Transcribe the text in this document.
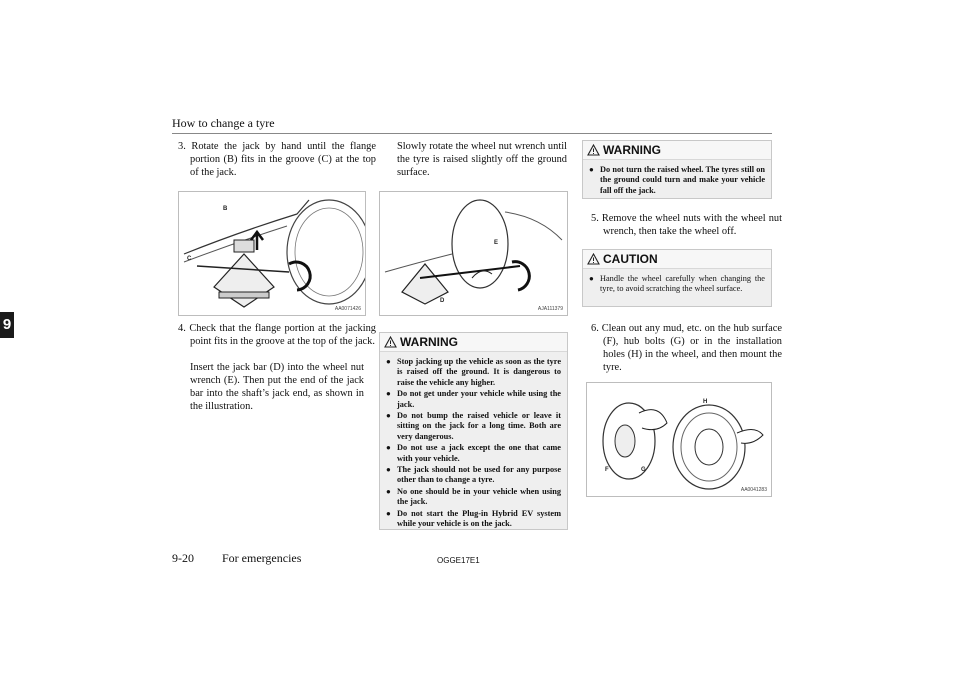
How to change a tyre
9
3. Rotate the jack by hand until the flange portion (B) fits in the groove (C) at the top of the jack.
B
C
AA0071426
4. Check that the flange portion at the jacking point fits in the groove at the top of the jack.
Insert the jack bar (D) into the wheel nut wrench (E). Then put the end of the jack bar into the shaft’s jack end, as shown in the illustration.
Slowly rotate the wheel nut wrench until the tyre is raised slightly off the ground surface.
E
D
AJA111379
WARNING
● Stop jacking up the vehicle as soon as the tyre is raised off the ground. It is dangerous to raise the vehicle any higher.
● Do not get under your vehicle while using the jack.
● Do not bump the raised vehicle or leave it sitting on the jack for a long time. Both are very dangerous.
● Do not use a jack except the one that came with your vehicle.
● The jack should not be used for any purpose other than to change a tyre.
● No one should be in your vehicle when using the jack.
● Do not start the Plug-in Hybrid EV system while your vehicle is on the jack.
WARNING
● Do not turn the raised wheel. The tyres still on the ground could turn and make your vehicle fall off the jack.
5. Remove the wheel nuts with the wheel nut wrench, then take the wheel off.
CAUTION
● Handle the wheel carefully when changing the tyre, to avoid scratching the wheel surface.
6. Clean out any mud, etc. on the hub surface (F), hub bolts (G) or in the installation holes (H) in the wheel, and then mount the tyre.
H
F	G
AA0041283
9-20 For emergencies	OGGE17E1
